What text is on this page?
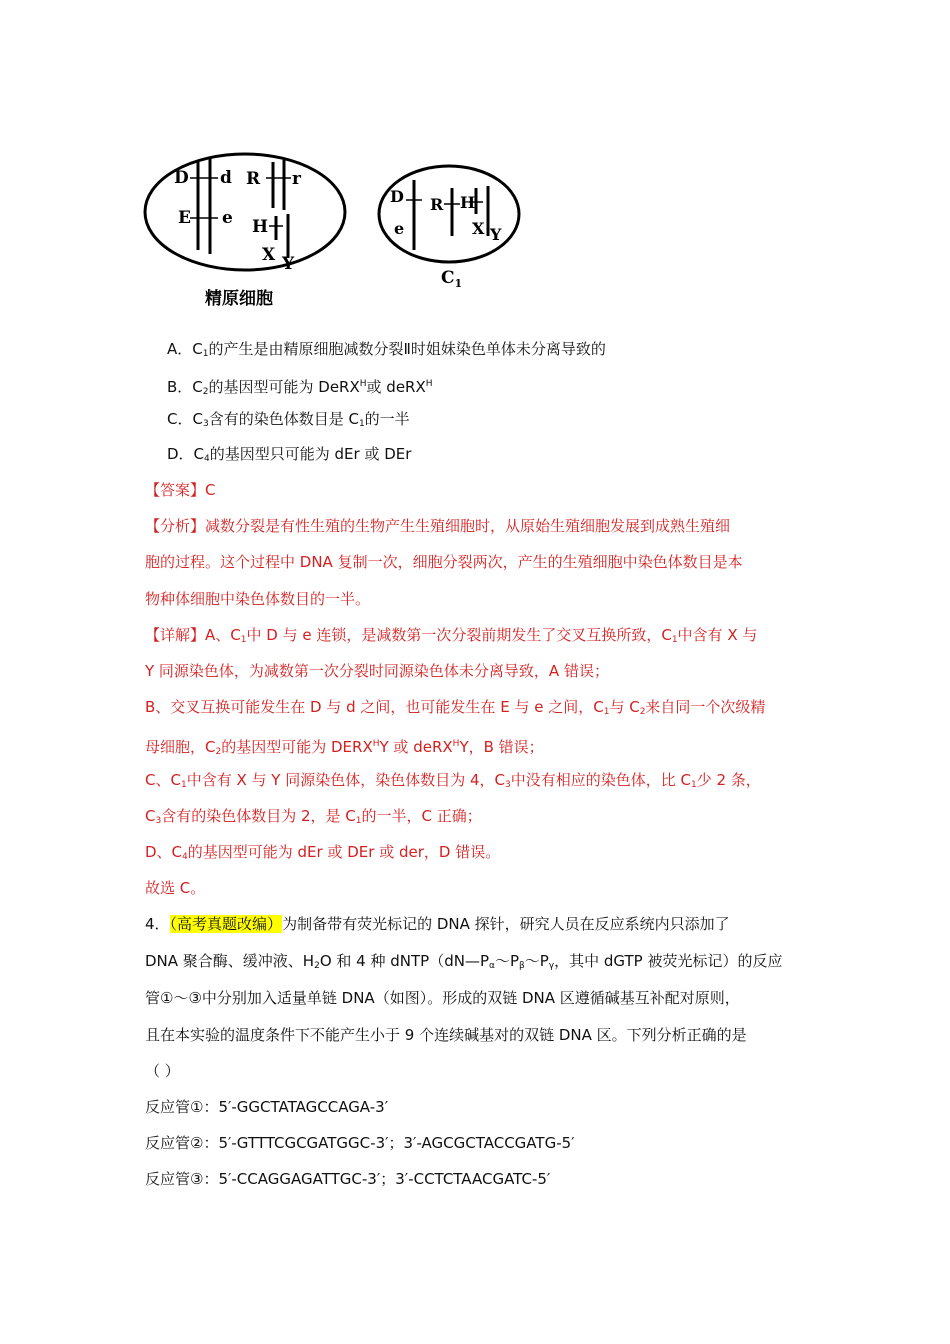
D d
E e
R r
H
X Y
精原细胞
D
e
R H
X Y
$C_1$
A．$C_1$的产生是由精原细胞减数分裂Ⅱ时姐妹染色单体未分离导致的
B．$C_2$的基因型可能为 DeRX$^H$或 deRX$^H$
C．$C_3$含有的染色体数目是 $C_1$的一半
D．$C_4$的基因型只可能为 dEr 或 DEr
【答案】C
【分析】减数分裂是有性生殖的生物产生生殖细胞时，从原始生殖细胞发展到成熟生殖细
胞的过程。这个过程中 DNA 复制一次，细胞分裂两次，产生的生殖细胞中染色体数目是本
物种体细胞中染色体数目的一半。
【详解】A、$C_1$中 D 与 e 连锁，是减数第一次分裂前期发生了交叉互换所致，$C_1$中含有 X 与
Y 同源染色体，为减数第一次分裂时同源染色体未分离导致，A 错误；
B、交叉互换可能发生在 D 与 d 之间，也可能发生在 E 与 e 之间，$C_1$与 $C_2$来自同一个次级精
母细胞，$C_2$的基因型可能为 $DERX^HY$ 或 deRX$^H$Y，B 错误；
C、$C_1$中含有 X 与 Y 同源染色体，染色体数目为 4，$C_3$中没有相应的染色体，比 $C_1$少 2 条，
$C_3$含有的染色体数目为 2，是 $C_1$的一半，C 正确；
D、$C_4$的基因型可能为 dEr 或 DEr 或 der，D 错误。
故选 C。
4．（高考真题改编）为制备带有荧光标记的 DNA 探针，研究人员在反应系统内只添加了
DNA 聚合酶、缓冲液、$H_2O$ 和 4 种 $dNTP(dN—P_\alpha\sim P_\beta\sim P_\gamma$，其中 dGTP 被荧光标记）的反应
管①～③中分别加入适量单链 DNA（如图）。形成的双链 DNA 区遵循碱基互补配对原则，
且在本实验的温度条件下不能产生小于 9 个连续碱基对的双链 DNA 区。下列分析正确的是
（ ）
反应管①：5′-GGCTATAGCCAGA-3′
反应管②：5′-GTTTCGCGATGGC-3′；3′-AGCGCTACCGATG-5′
反应管③：5′-CCAGGAGATTGC-3′；3′-CCTCTAACGATC-5′
